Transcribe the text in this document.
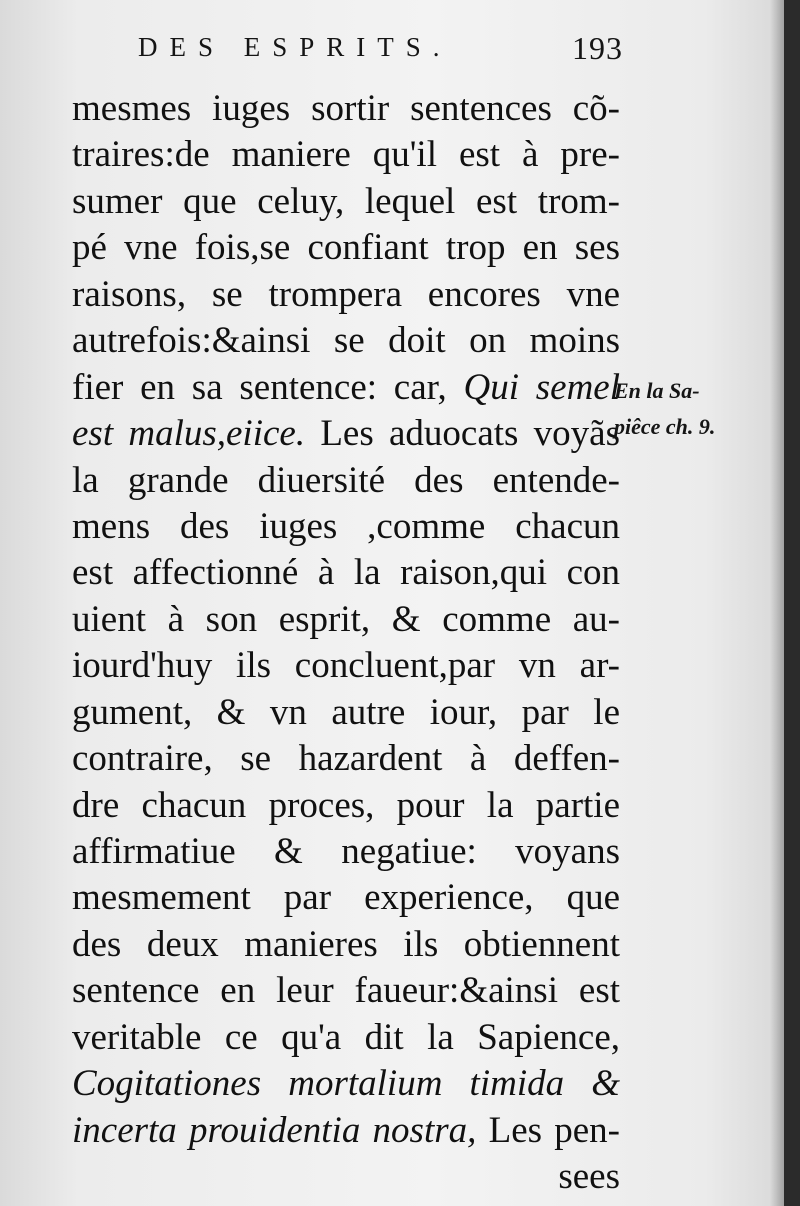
DES ESPRITS.	193
mesmes iuges sortir sentences cõ-
traires:de maniere qu'il est à pre-
sumer que celuy, lequel est trom-
pé vne fois,se confiant trop en ses
raisons, se trompera encores vne
autrefois:&ainsi se doit on moins
fier en sa sentence: car, Qui semel
est malus,eiice. Les aduocats voyãs
la grande diuersité des entende-
mens des iuges ,comme chacun
est affectionné à la raison,qui con
uient à son esprit, & comme au-
iourd'huy ils concluent,par vn ar-
gument, & vn autre iour, par le
contraire, se hazardent à deffen-
dre chacun proces, pour la partie
affirmatiue & negatiue: voyans
mesmement par experience, que
des deux manieres ils obtiennent
sentence en leur faueur:&ainsi est
veritable ce qu'a dit la Sapience,
Cogitationes mortalium timida &
incerta prouidentia nostra, Les pen-
sees
En la Sa-
piêce ch. 9.
